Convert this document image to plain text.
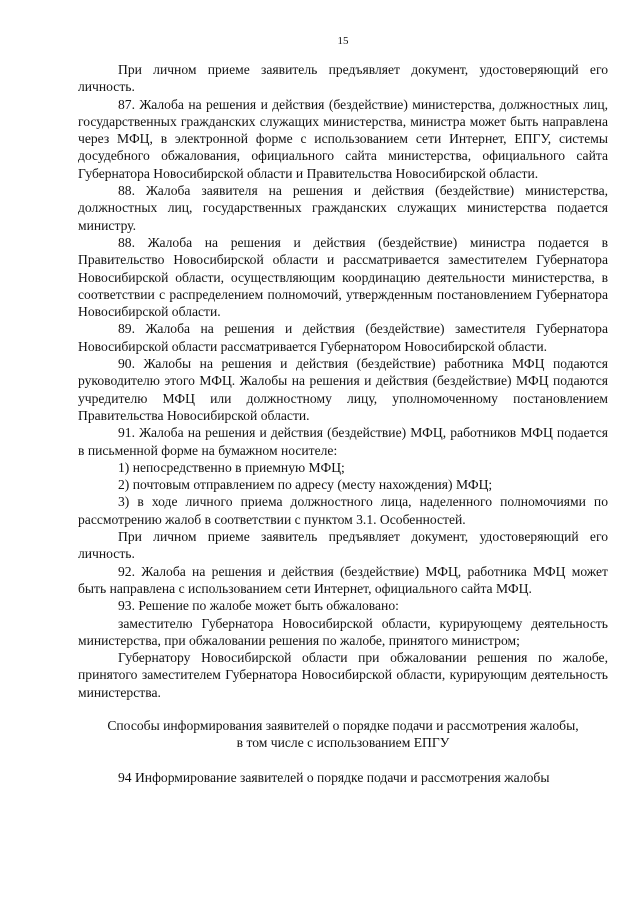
15

При личном приеме заявитель предъявляет документ, удостоверяющий его личность.

87. Жалоба на решения и действия (бездействие) министерства, должностных лиц, государственных гражданских служащих министерства, министра может быть направлена через МФЦ, в электронной форме с использованием сети Интернет, ЕПГУ, системы досудебного обжалования, официального сайта министерства, официального сайта Губернатора Новосибирской области и Правительства Новосибирской области.

88. Жалоба заявителя на решения и действия (бездействие) министерства, должностных лиц, государственных гражданских служащих министерства подается министру.

88. Жалоба на решения и действия (бездействие) министра подается в Правительство Новосибирской области и рассматривается заместителем Губернатора Новосибирской области, осуществляющим координацию деятельности министерства, в соответствии с распределением полномочий, утвержденным постановлением Губернатора Новосибирской области.

89. Жалоба на решения и действия (бездействие) заместителя Губернатора Новосибирской области рассматривается Губернатором Новосибирской области.

90. Жалобы на решения и действия (бездействие) работника МФЦ подаются руководителю этого МФЦ. Жалобы на решения и действия (бездействие) МФЦ подаются учредителю МФЦ или должностному лицу, уполномоченному постановлением Правительства Новосибирской области.

91. Жалоба на решения и действия (бездействие) МФЦ, работников МФЦ подается в письменной форме на бумажном носителе:

1) непосредственно в приемную МФЦ;

2) почтовым отправлением по адресу (месту нахождения) МФЦ;

3) в ходе личного приема должностного лица, наделенного полномочиями по рассмотрению жалоб в соответствии с пунктом 3.1. Особенностей.

При личном приеме заявитель предъявляет документ, удостоверяющий его личность.

92. Жалоба на решения и действия (бездействие) МФЦ, работника МФЦ может быть направлена с использованием сети Интернет, официального сайта МФЦ.

93. Решение по жалобе может быть обжаловано:

заместителю Губернатора Новосибирской области, курирующему деятельность министерства, при обжаловании решения по жалобе, принятого министром;

Губернатору Новосибирской области при обжаловании решения по жалобе, принятого заместителем Губернатора Новосибирской области, курирующим деятельность министерства.

Способы информирования заявителей о порядке подачи и рассмотрения жалобы,
в том числе с использованием ЕПГУ

94 Информирование заявителей о порядке подачи и рассмотрения жалобы
